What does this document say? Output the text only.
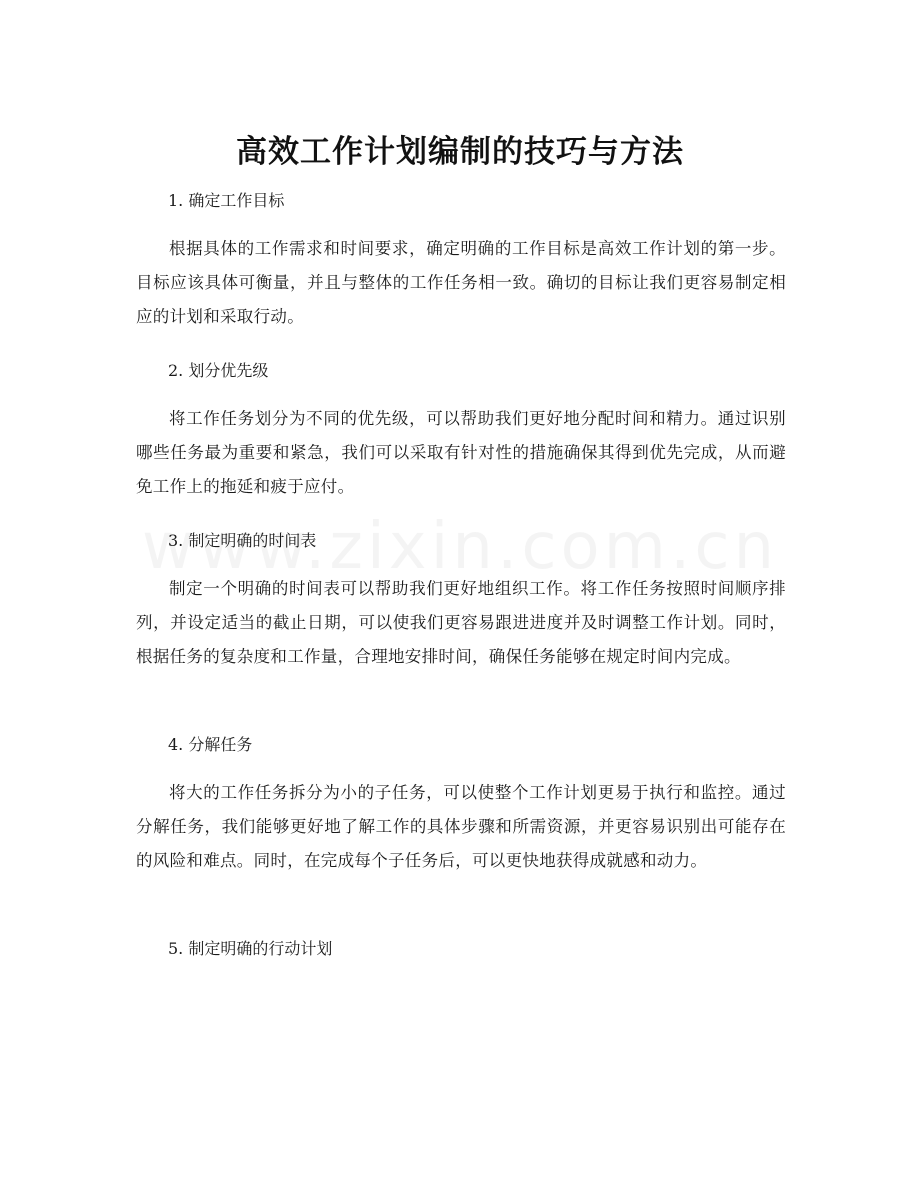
高效工作计划编制的技巧与方法
1. 确定工作目标

根据具体的工作需求和时间要求，确定明确的工作目标是高效工作计划的第一步。目标应该具体可衡量，并且与整体的工作任务相一致。确切的目标让我们更容易制定相应的计划和采取行动。

2. 划分优先级

将工作任务划分为不同的优先级，可以帮助我们更好地分配时间和精力。通过识别哪些任务最为重要和紧急，我们可以采取有针对性的措施确保其得到优先完成，从而避免工作上的拖延和疲于应付。

3. 制定明确的时间表

制定一个明确的时间表可以帮助我们更好地组织工作。将工作任务按照时间顺序排列，并设定适当的截止日期，可以使我们更容易跟进进度并及时调整工作计划。同时，根据任务的复杂度和工作量，合理地安排时间，确保任务能够在规定时间内完成。

4. 分解任务

将大的工作任务拆分为小的子任务，可以使整个工作计划更易于执行和监控。通过分解任务，我们能够更好地了解工作的具体步骤和所需资源，并更容易识别出可能存在的风险和难点。同时，在完成每个子任务后，可以更快地获得成就感和动力。

5. 制定明确的行动计划
